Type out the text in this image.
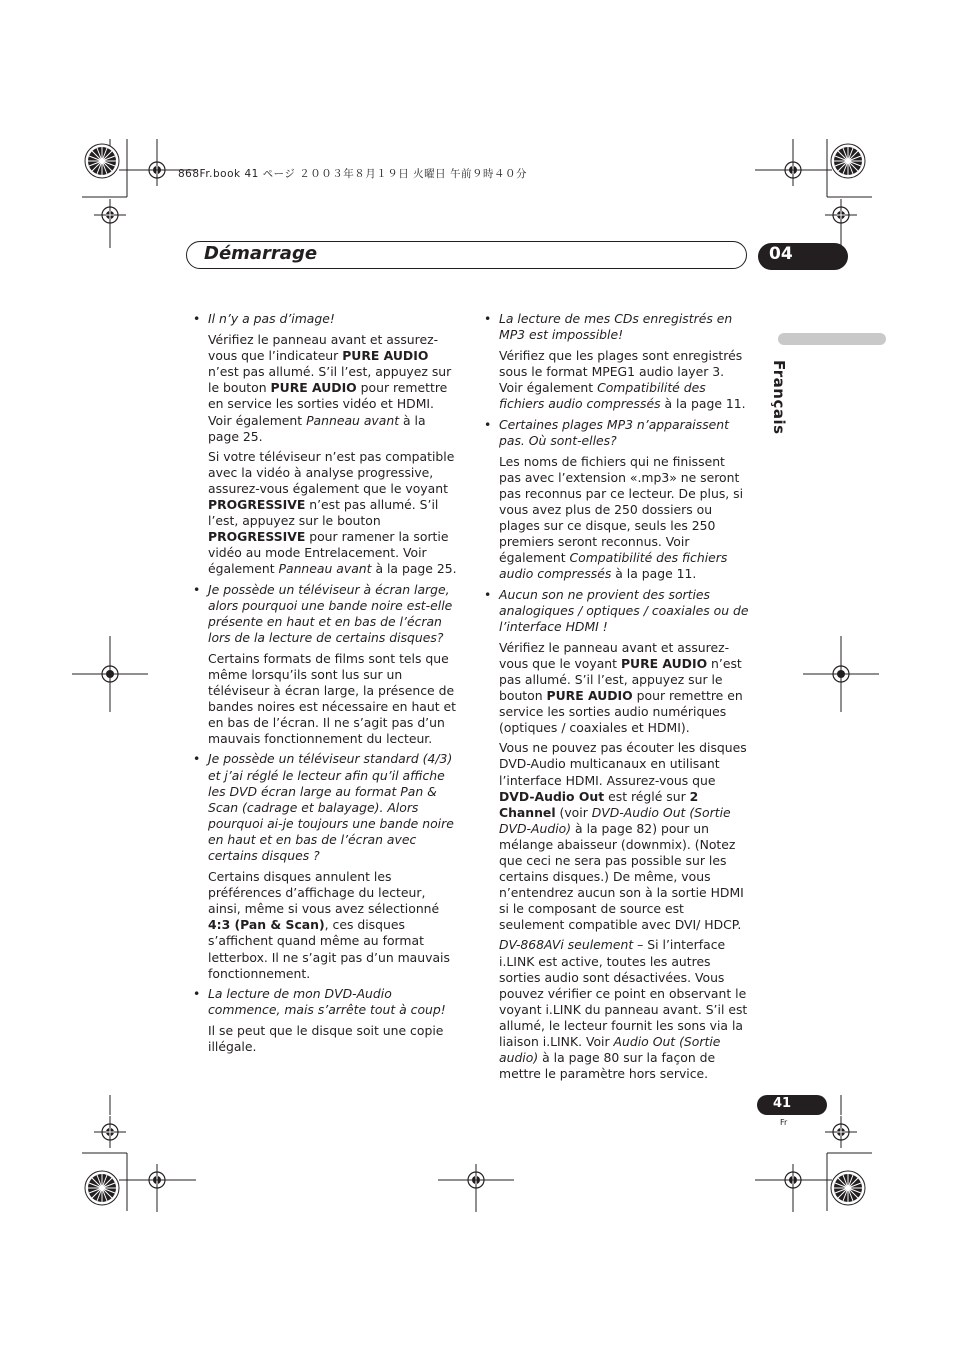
868Fr.book 41 ページ ２００３年８月１９日 火曜日 午前９時４０分
Démarrage	04
Français
• Il n’y a pas d’image!
Vérifiez le panneau avant et assurez-vous que l’indicateur PURE AUDIO n’est pas allumé. S’il l’est, appuyez sur le bouton PURE AUDIO pour remettre en service les sorties vidéo et HDMI. Voir également Panneau avant à la page 25.
Si votre téléviseur n’est pas compatible avec la vidéo à analyse progressive, assurez-vous également que le voyant PROGRESSIVE n’est pas allumé. S’il l’est, appuyez sur le bouton PROGRESSIVE pour ramener la sortie vidéo au mode Entrelacement. Voir également Panneau avant à la page 25.
• Je possède un téléviseur à écran large, alors pourquoi une bande noire est-elle présente en haut et en bas de l’écran lors de la lecture de certains disques?
Certains formats de films sont tels que même lorsqu’ils sont lus sur un téléviseur à écran large, la présence de bandes noires est nécessaire en haut et en bas de l’écran. Il ne s’agit pas d’un mauvais fonctionnement du lecteur.
• Je possède un téléviseur standard (4/3) et j’ai réglé le lecteur afin qu’il affiche les DVD écran large au format Pan & Scan (cadrage et balayage). Alors pourquoi ai-je toujours une bande noire en haut et en bas de l’écran avec certains disques ?
Certains disques annulent les préférences d’affichage du lecteur, ainsi, même si vous avez sélectionné 4:3 (Pan & Scan), ces disques s’affichent quand même au format letterbox. Il ne s’agit pas d’un mauvais fonctionnement.
• La lecture de mon DVD-Audio commence, mais s’arrête tout à coup!
Il se peut que le disque soit une copie illégale.
• La lecture de mes CDs enregistrés en MP3 est impossible!
Vérifiez que les plages sont enregistrés sous le format MPEG1 audio layer 3. Voir également Compatibilité des fichiers audio compressés à la page 11.
• Certaines plages MP3 n’apparaissent pas. Où sont-elles?
Les noms de fichiers qui ne finissent pas avec l’extension «.mp3» ne seront pas reconnus par ce lecteur. De plus, si vous avez plus de 250 dossiers ou plages sur ce disque, seuls les 250 premiers seront reconnus. Voir également Compatibilité des fichiers audio compressés à la page 11.
• Aucun son ne provient des sorties analogiques / optiques / coaxiales ou de l’interface HDMI !
Vérifiez le panneau avant et assurez-vous que le voyant PURE AUDIO n’est pas allumé. S’il l’est, appuyez sur le bouton PURE AUDIO pour remettre en service les sorties audio numériques (optiques / coaxiales et HDMI).
Vous ne pouvez pas écouter les disques DVD-Audio multicanaux en utilisant l’interface HDMI. Assurez-vous que DVD-Audio Out est réglé sur 2 Channel (voir DVD-Audio Out (Sortie DVD-Audio) à la page 82) pour un mélange abaisseur (downmix). (Notez que ceci ne sera pas possible sur les certains disques.) De même, vous n’entendrez aucun son à la sortie HDMI si le composant de source est seulement compatible avec DVI/ HDCP.
DV-868AVi seulement – Si l’interface i.LINK est active, toutes les autres sorties audio sont désactivées. Vous pouvez vérifier ce point en observant le voyant i.LINK du panneau avant. S’il est allumé, le lecteur fournit les sons via la liaison i.LINK. Voir Audio Out (Sortie audio) à la page 80 sur la façon de mettre le paramètre hors service.
41
Fr
